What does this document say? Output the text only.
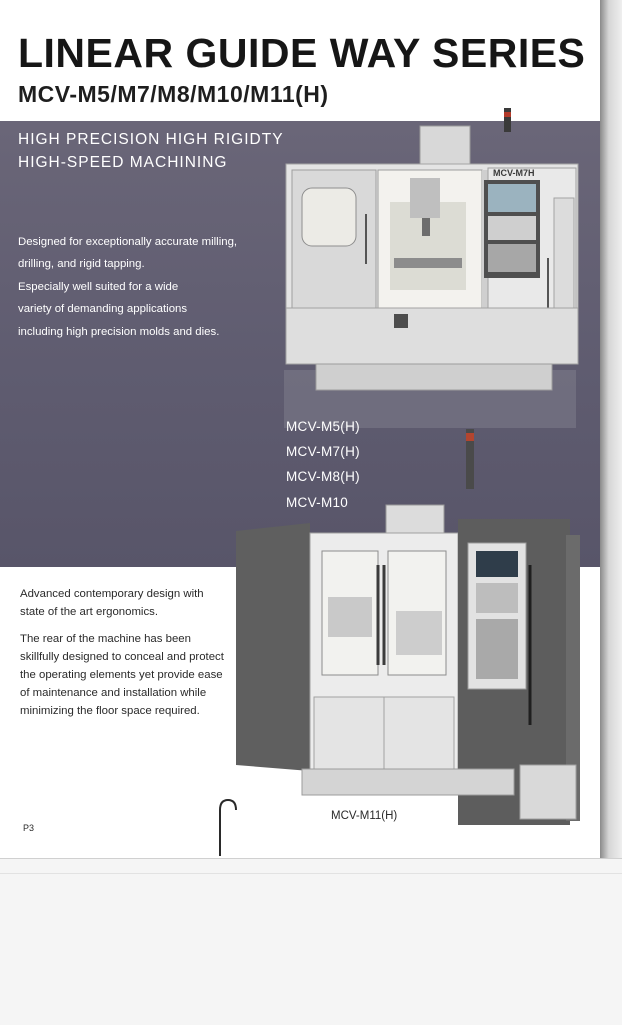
LINEAR GUIDE WAY SERIES
MCV-M5/M7/M8/M10/M11(H)
HIGH PRECISION HIGH RIGIDTY
HIGH-SPEED MACHINING
Designed for exceptionally accurate milling,
drilling, and rigid tapping.
Especially well suited for a wide
variety of demanding applications
including high precision molds and dies.
MCV-M7H
MCV-M5(H)
MCV-M7(H)
MCV-M8(H)
MCV-M10

Advanced contemporary design with
state of the art ergonomics.

The rear of the machine has been
skillfully designed to conceal and protect
the operating elements yet provide ease
of maintenance and installation while
minimizing the floor space required.

MCV-M11(H)
P3
